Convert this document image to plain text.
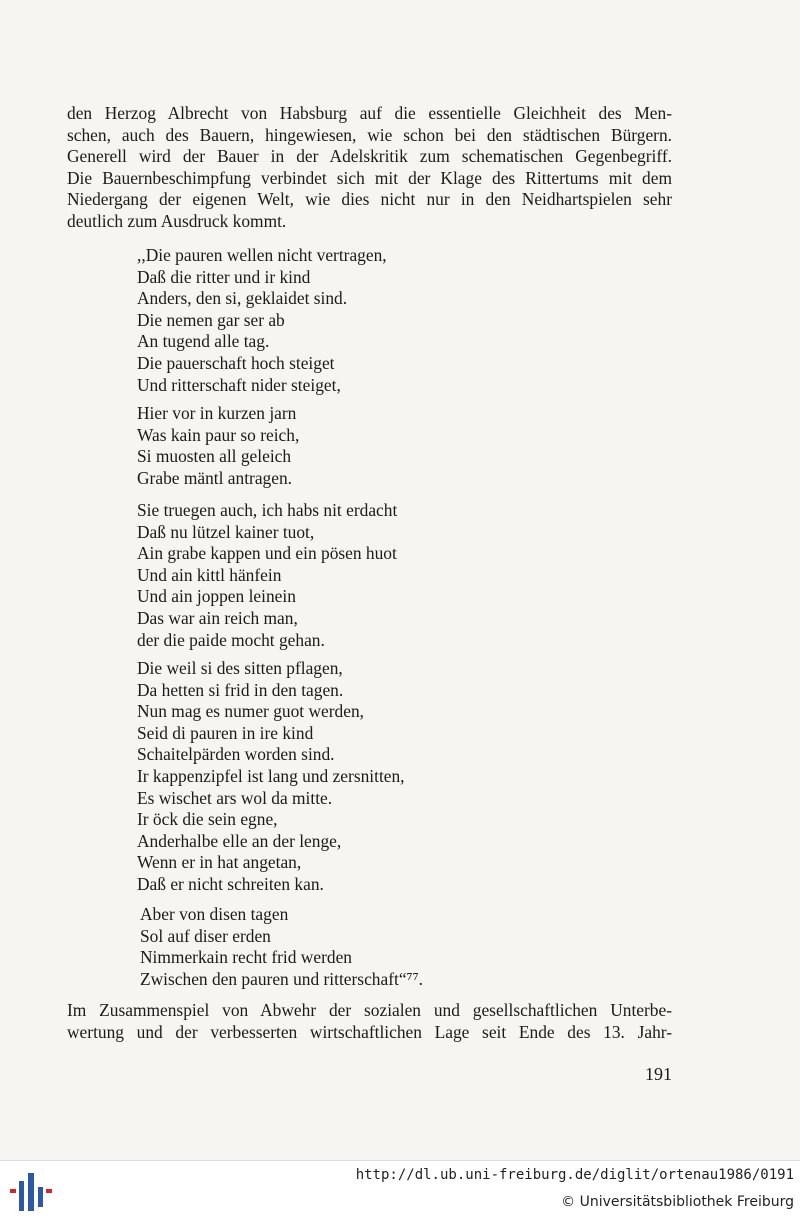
den Herzog Albrecht von Habsburg auf die essentielle Gleichheit des Men-
schen, auch des Bauern, hingewiesen, wie schon bei den städtischen Bürgern.
Generell wird der Bauer in der Adelskritik zum schematischen Gegenbegriff.
Die Bauernbeschimpfung verbindet sich mit der Klage des Rittertums mit dem
Niedergang der eigenen Welt, wie dies nicht nur in den Neidhartspielen sehr
deutlich zum Ausdruck kommt.
,,Die pauren wellen nicht vertragen,
Daß die ritter und ir kind
Anders, den si, geklaidet sind.
Die nemen gar ser ab
An tugend alle tag.
Die pauerschaft hoch steiget
Und ritterschaft nider steiget,
Hier vor in kurzen jarn
Was kain paur so reich,
Si muosten all geleich
Grabe mäntl antragen.
Sie truegen auch, ich habs nit erdacht
Daß nu lützel kainer tuot,
Ain grabe kappen und ein pösen huot
Und ain kittl hänfein
Und ain joppen leinein
Das war ain reich man,
der die paide mocht gehan.
Die weil si des sitten pflagen,
Da hetten si frid in den tagen.
Nun mag es numer guot werden,
Seid di pauren in ire kind
Schaitelpärden worden sind.
Ir kappenzipfel ist lang und zersnitten,
Es wischet ars wol da mitte.
Ir öck die sein egne,
Anderhalbe elle an der lenge,
Wenn er in hat angetan,
Daß er nicht schreiten kan.
Aber von disen tagen
Sol auf diser erden
Nimmerkain recht frid werden
Zwischen den pauren und ritterschaft“⁷⁷.
Im Zusammenspiel von Abwehr der sozialen und gesellschaftlichen Unterbe-
wertung und der verbesserten wirtschaftlichen Lage seit Ende des 13. Jahr-
191
http://dl.ub.uni-freiburg.de/diglit/ortenau1986/0191
© Universitätsbibliothek Freiburg
